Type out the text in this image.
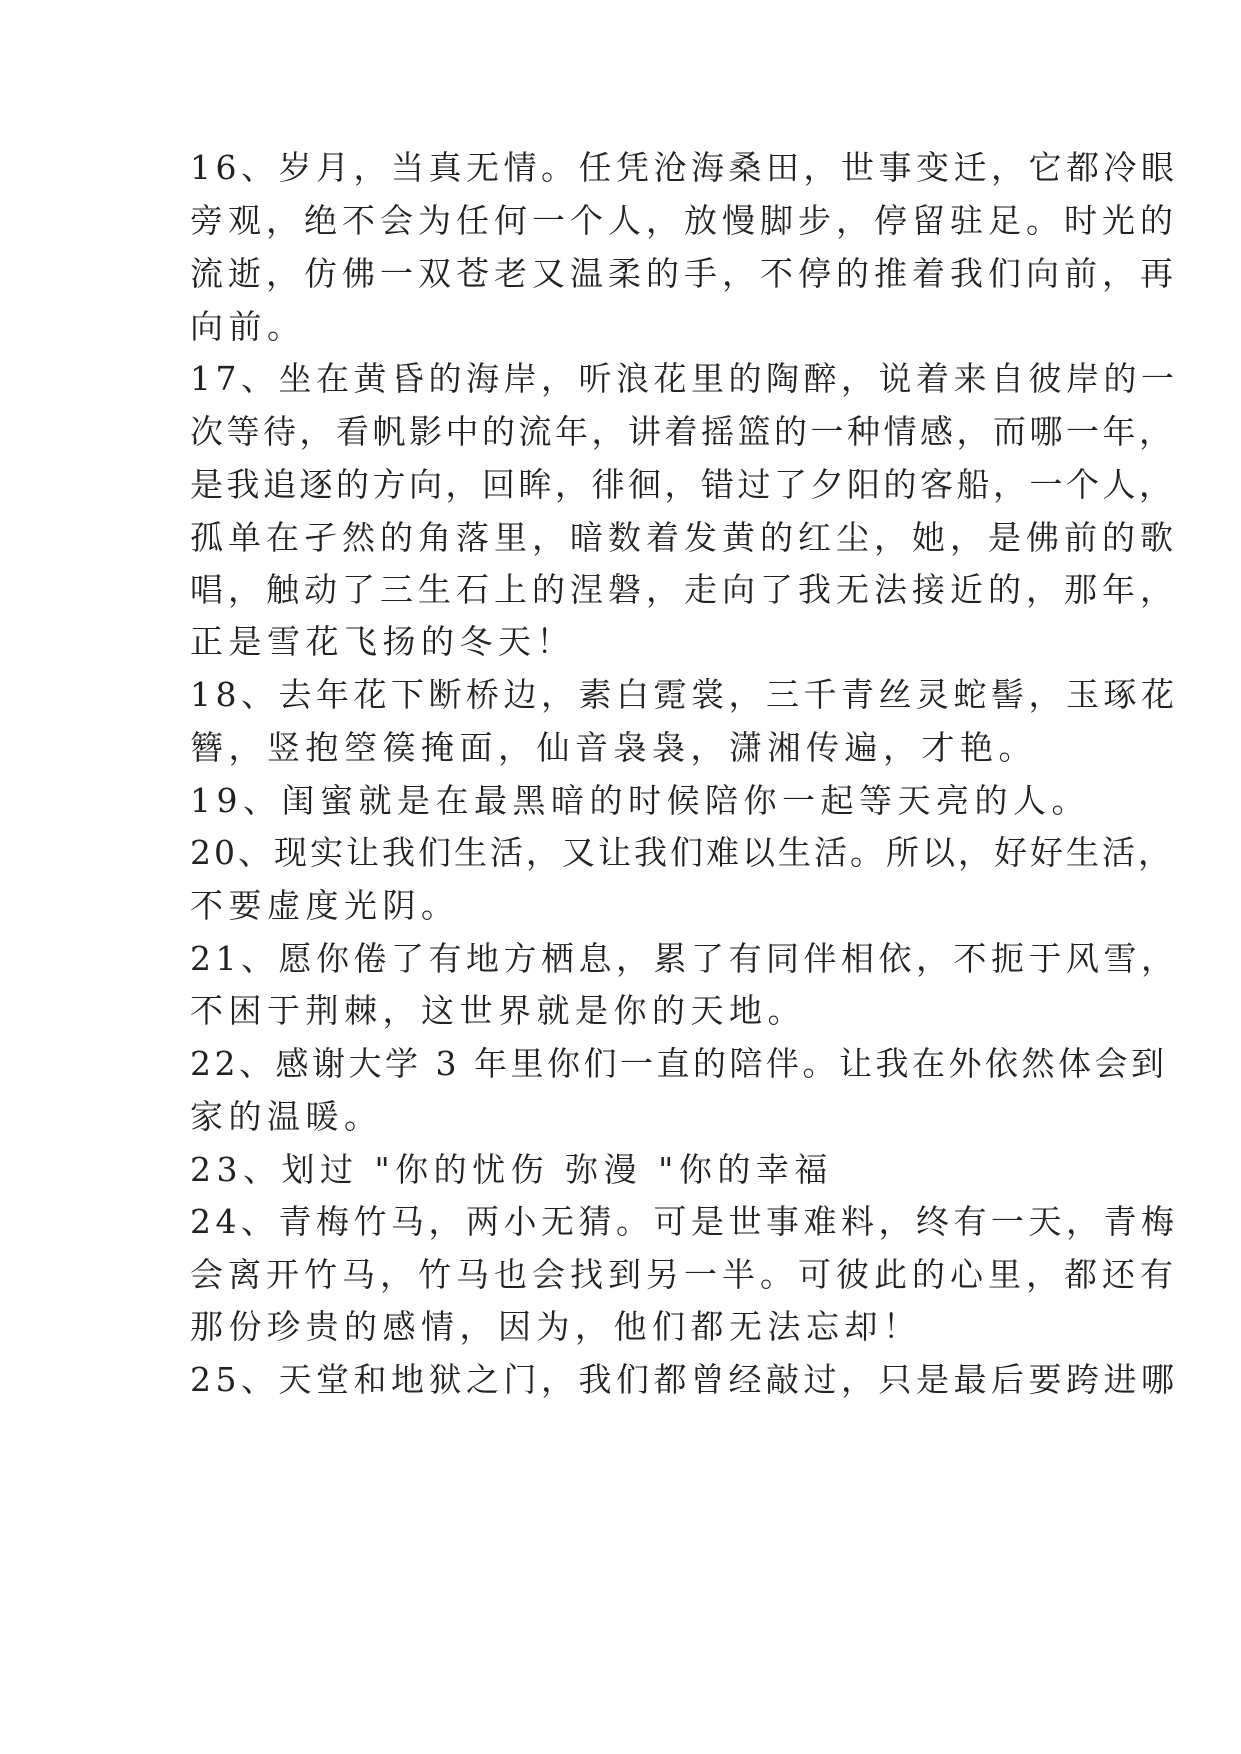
16、岁月，当真无情。任凭沧海桑田，世事变迁，它都冷眼
旁观，绝不会为任何一个人，放慢脚步，停留驻足。时光的
流逝，仿佛一双苍老又温柔的手，不停的推着我们向前，再
向前。
17、坐在黄昏的海岸，听浪花里的陶醉，说着来自彼岸的一
次等待，看帆影中的流年，讲着摇篮的一种情感，而哪一年，
是我追逐的方向，回眸，徘徊，错过了夕阳的客船，一个人，
孤单在孑然的角落里，暗数着发黄的红尘，她，是佛前的歌
唱，触动了三生石上的涅磐，走向了我无法接近的，那年，
正是雪花飞扬的冬天！
18、去年花下断桥边，素白霓裳，三千青丝灵蛇髻，玉琢花
簪，竖抱箜篌掩面，仙音袅袅，潇湘传遍，才艳。
19、闺蜜就是在最黑暗的时候陪你一起等天亮的人。
20、现实让我们生活，又让我们难以生活。所以，好好生活，
不要虚度光阴。
21、愿你倦了有地方栖息，累了有同伴相依，不扼于风雪，
不困于荆棘，这世界就是你的天地。
22、感谢大学 3 年里你们一直的陪伴。让我在外依然体会到
家的温暖。
23、划过 "你的忧伤 弥漫 "你的幸福
24、青梅竹马，两小无猜。可是世事难料，终有一天，青梅
会离开竹马，竹马也会找到另一半。可彼此的心里，都还有
那份珍贵的感情，因为，他们都无法忘却！
25、天堂和地狱之门，我们都曾经敲过，只是最后要跨进哪
